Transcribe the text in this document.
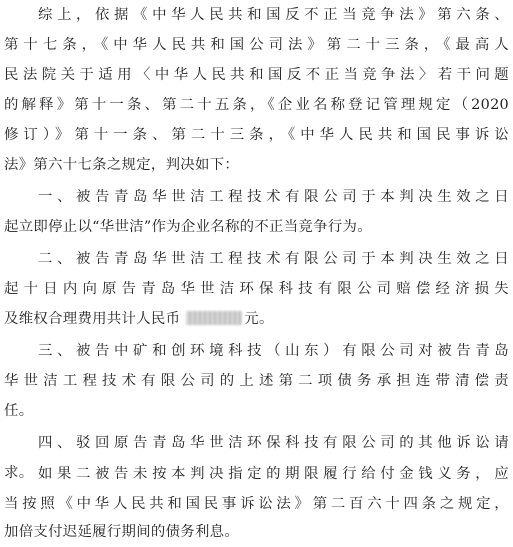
综上，依据《中华人民共和国反不正当竞争法》第六条、
第十七条，《中华人民共和国公司法》第二十三条，《最高人
民法院关于适用〈中华人民共和国反不正当竞争法〉若干问题
的解释》第十一条、第二十五条，《企业名称登记管理规定（2020
修订）》第十一条、第二十三条，《中华人民共和国民事诉讼
法》第六十七条之规定，判决如下：
一、被告青岛华世洁工程技术有限公司于本判决生效之日
起立即停止以“华世洁”作为企业名称的不正当竞争行为。
二、被告青岛华世洁工程技术有限公司于本判决生效之日
起十日内向原告青岛华世洁环保科技有限公司赔偿经济损失
及维权合理费用共计人民币	元。
三、被告中矿和创环境科技（山东）有限公司对被告青岛
华世洁工程技术有限公司的上述第二项债务承担连带清偿责
任。
四、驳回原告青岛华世洁环保科技有限公司的其他诉讼请
求。 如果二被告未按本判决指定的期限履行给付金钱义务，应
当按照《中华人民共和国民事诉讼法》第二百六十四条之规定，
加倍支付迟延履行期间的债务利息。
